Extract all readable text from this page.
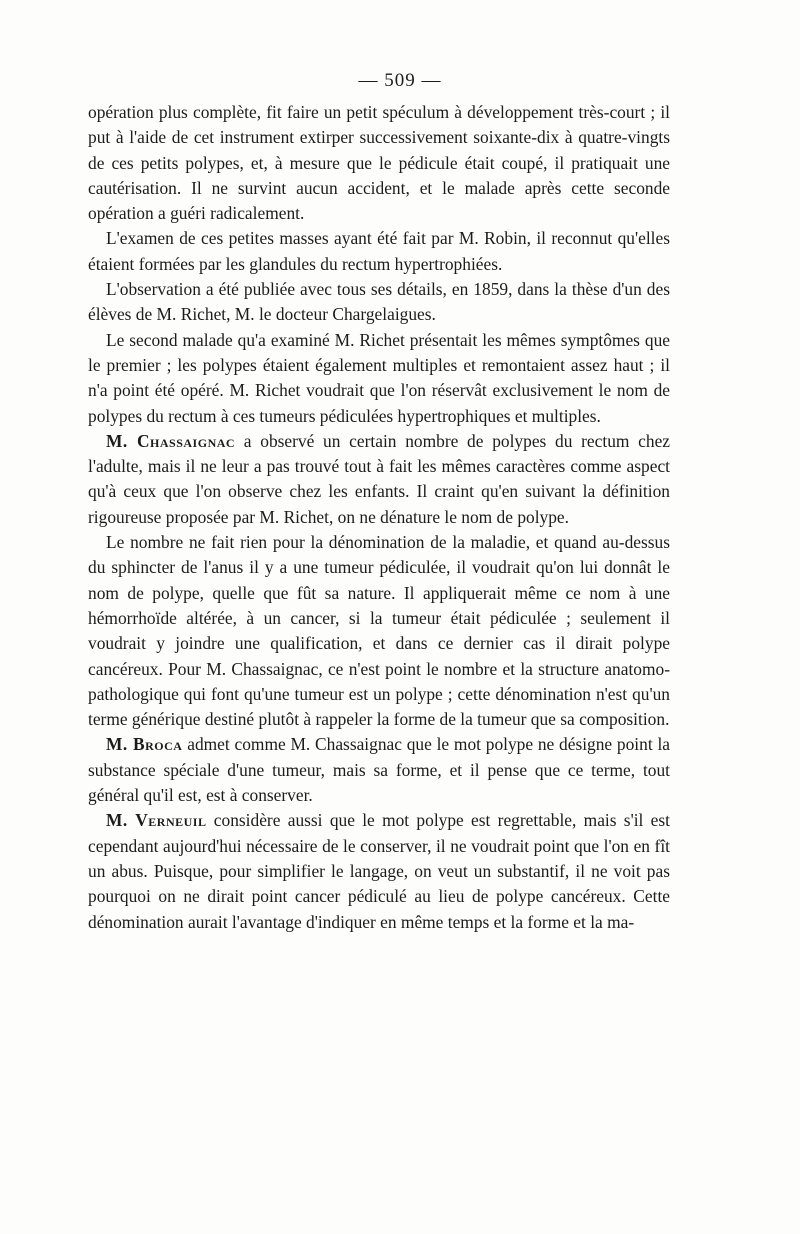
— 509 —

opération plus complète, fit faire un petit spéculum à développement très-court ; il put à l'aide de cet instrument extirper successivement soixante-dix à quatre-vingts de ces petits polypes, et, à mesure que le pédicule était coupé, il pratiquait une cautérisation. Il ne survint aucun accident, et le malade après cette seconde opération a guéri radicalement.

L'examen de ces petites masses ayant été fait par M. Robin, il reconnut qu'elles étaient formées par les glandules du rectum hypertrophiées.

L'observation a été publiée avec tous ses détails, en 1859, dans la thèse d'un des élèves de M. Richet, M. le docteur Chargelaigues.

Le second malade qu'a examiné M. Richet présentait les mêmes symptômes que le premier ; les polypes étaient également multiples et remontaient assez haut ; il n'a point été opéré. M. Richet voudrait que l'on réservât exclusivement le nom de polypes du rectum à ces tumeurs pédiculées hypertrophiques et multiples.

M. Chassaignac a observé un certain nombre de polypes du rectum chez l'adulte, mais il ne leur a pas trouvé tout à fait les mêmes caractères comme aspect qu'à ceux que l'on observe chez les enfants. Il craint qu'en suivant la définition rigoureuse proposée par M. Richet, on ne dénature le nom de polype.

Le nombre ne fait rien pour la dénomination de la maladie, et quand au-dessus du sphincter de l'anus il y a une tumeur pédiculée, il voudrait qu'on lui donnât le nom de polype, quelle que fût sa nature. Il appliquerait même ce nom à une hémorrhoïde altérée, à un cancer, si la tumeur était pédiculée ; seulement il voudrait y joindre une qualification, et dans ce dernier cas il dirait polype cancéreux. Pour M. Chassaignac, ce n'est point le nombre et la structure anatomo-pathologique qui font qu'une tumeur est un polype ; cette dénomination n'est qu'un terme générique destiné plutôt à rappeler la forme de la tumeur que sa composition.

M. Broca admet comme M. Chassaignac que le mot polype ne désigne point la substance spéciale d'une tumeur, mais sa forme, et il pense que ce terme, tout général qu'il est, est à conserver.

M. Verneuil considère aussi que le mot polype est regrettable, mais s'il est cependant aujourd'hui nécessaire de le conserver, il ne voudrait point que l'on en fît un abus. Puisque, pour simplifier le langage, on veut un substantif, il ne voit pas pourquoi on ne dirait point cancer pédiculé au lieu de polype cancéreux. Cette dénomination aurait l'avantage d'indiquer en même temps et la forme et la ma-
